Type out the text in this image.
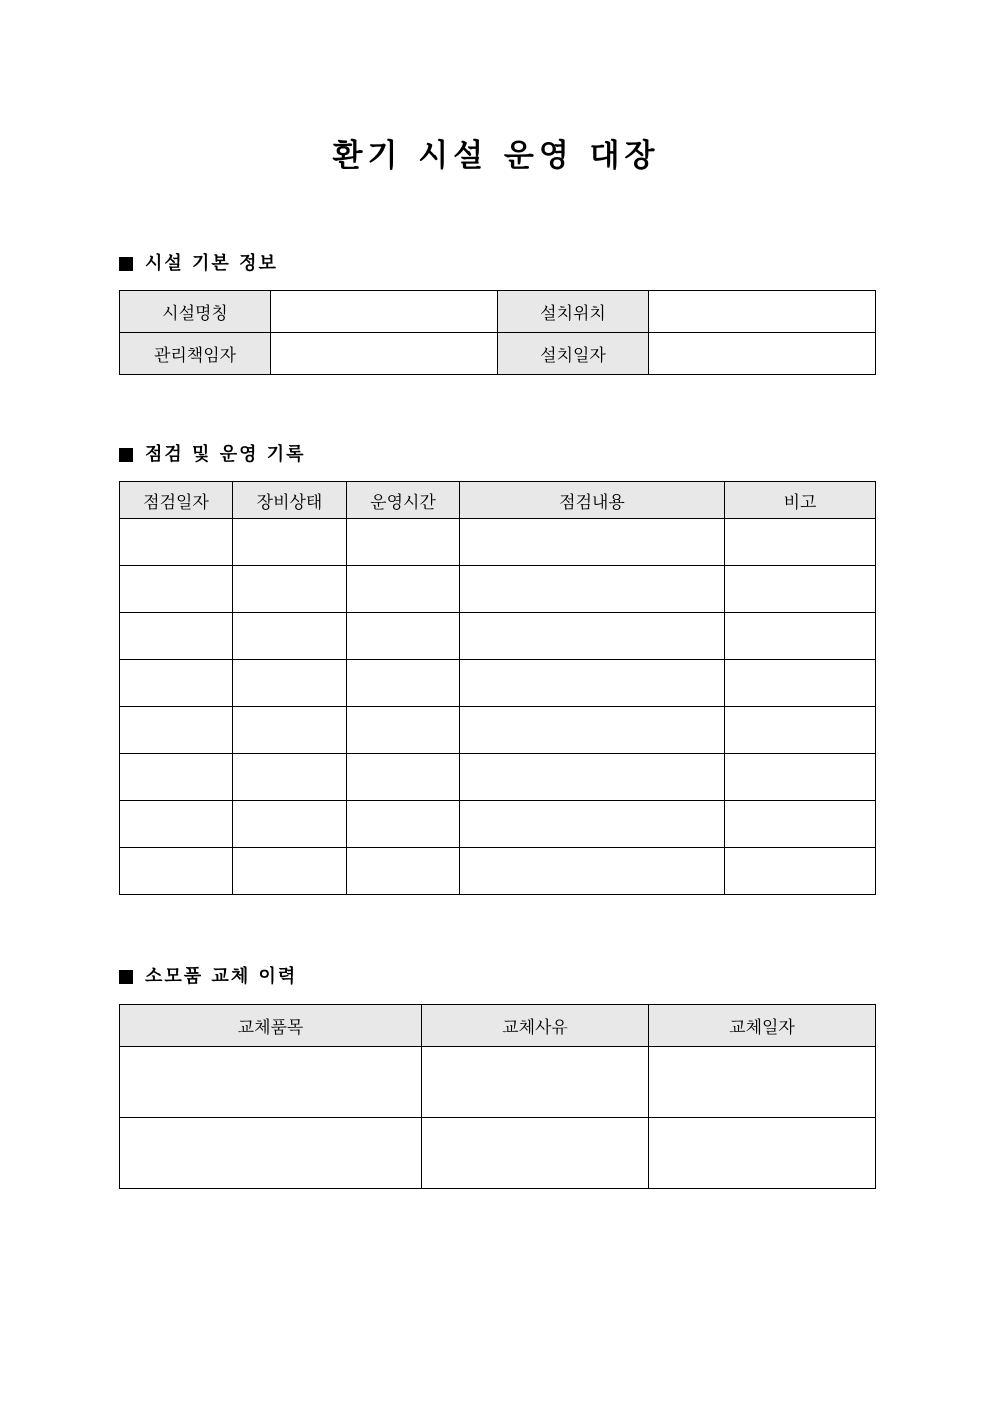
환기 시설 운영 대장
시설 기본 정보
시설명칭		설치위치	
관리책임자		설치일자	
점검 및 운영 기록
점검일자	장비상태	운영시간	점검내용	비고

소모품 교체 이력
교체품목	교체사유	교체일자
